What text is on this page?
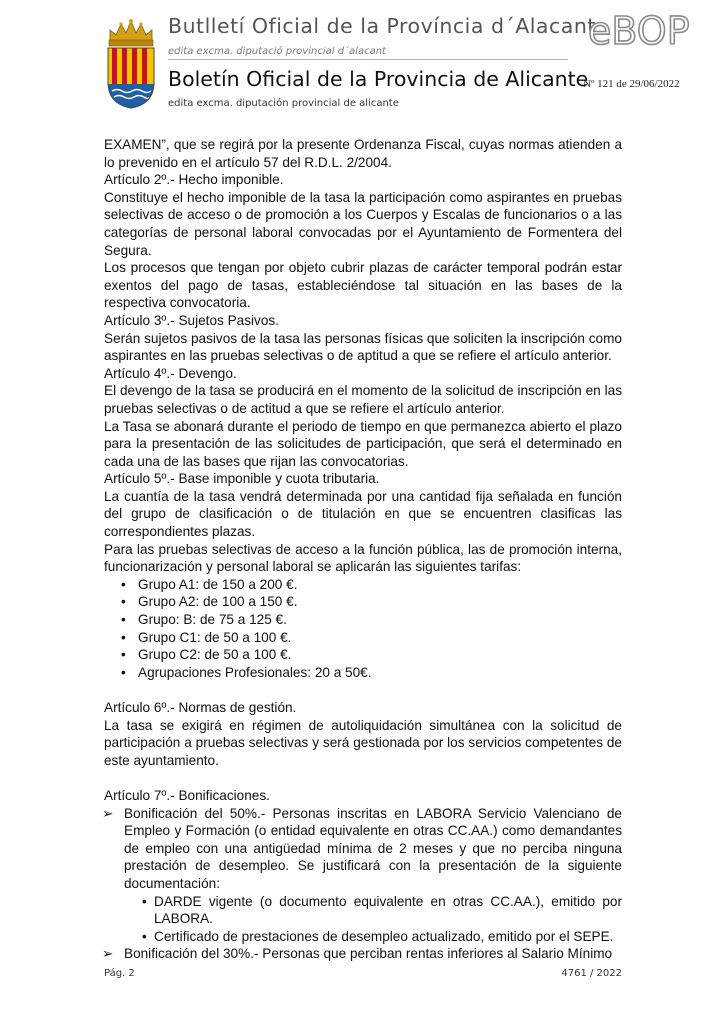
Butlletí Oficial de la Província d´Alacant
edita excma. diputació provincial d´alacant
Boletín Oficial de la Provincia de Alicante
edita excma. diputación provincial de alicante
eBOP
Nº 121 de 29/06/2022

EXAMEN”, que se regirá por la presente Ordenanza Fiscal, cuyas normas atienden a lo prevenido en el artículo 57 del R.D.L. 2/2004.

Artículo 2º.- Hecho imponible.

Constituye el hecho imponible de la tasa la participación como aspirantes en pruebas selectivas de acceso o de promoción a los Cuerpos y Escalas de funcionarios o a las categorías de personal laboral convocadas por el Ayuntamiento de Formentera del Segura.

Los procesos que tengan por objeto cubrir plazas de carácter temporal podrán estar exentos del pago de tasas, estableciéndose tal situación en las bases de la respectiva convocatoria.

Artículo 3º.- Sujetos Pasivos.

Serán sujetos pasivos de la tasa las personas físicas que soliciten la inscripción como aspirantes en las pruebas selectivas o de aptitud a que se refiere el artículo anterior.

Artículo 4º.- Devengo.

El devengo de la tasa se producirá en el momento de la solicitud de inscripción en las pruebas selectivas o de actitud a que se refiere el artículo anterior.

La Tasa se abonará durante el periodo de tiempo en que permanezca abierto el plazo para la presentación de las solicitudes de participación, que será el determinado en cada una de las bases que rijan las convocatorias.

Artículo 5º.- Base imponible y cuota tributaria.

La cuantía de la tasa vendrá determinada por una cantidad fija señalada en función del grupo de clasificación o de titulación en que se encuentren clasificas las correspondientes plazas.

Para las pruebas selectivas de acceso a la función pública, las de promoción interna, funcionarización y personal laboral se aplicarán las siguientes tarifas:

• Grupo A1: de 150 a 200 €.
• Grupo A2: de 100 a 150 €.
• Grupo: B: de 75 a 125 €.
• Grupo C1: de 50 a 100 €.
• Grupo C2: de 50 a 100 €.
• Agrupaciones Profesionales: 20 a 50€.

Artículo 6º.- Normas de gestión.

La tasa se exigirá en régimen de autoliquidación simultánea con la solicitud de participación a pruebas selectivas y será gestionada por los servicios competentes de este ayuntamiento.

Artículo 7º.- Bonificaciones.

➢ Bonificación del 50%.- Personas inscritas en LABORA Servicio Valenciano de Empleo y Formación (o entidad equivalente en otras CC.AA.) como demandantes de empleo con una antigüedad mínima de 2 meses y que no perciba ninguna prestación de desempleo. Se justificará con la presentación de la siguiente documentación:
• DARDE vigente (o documento equivalente en otras CC.AA.), emitido por LABORA.
• Certificado de prestaciones de desempleo actualizado, emitido por el SEPE.
➢ Bonificación del 30%.- Personas que perciban rentas inferiores al Salario Mínimo
Pág. 2	4761 / 2022
